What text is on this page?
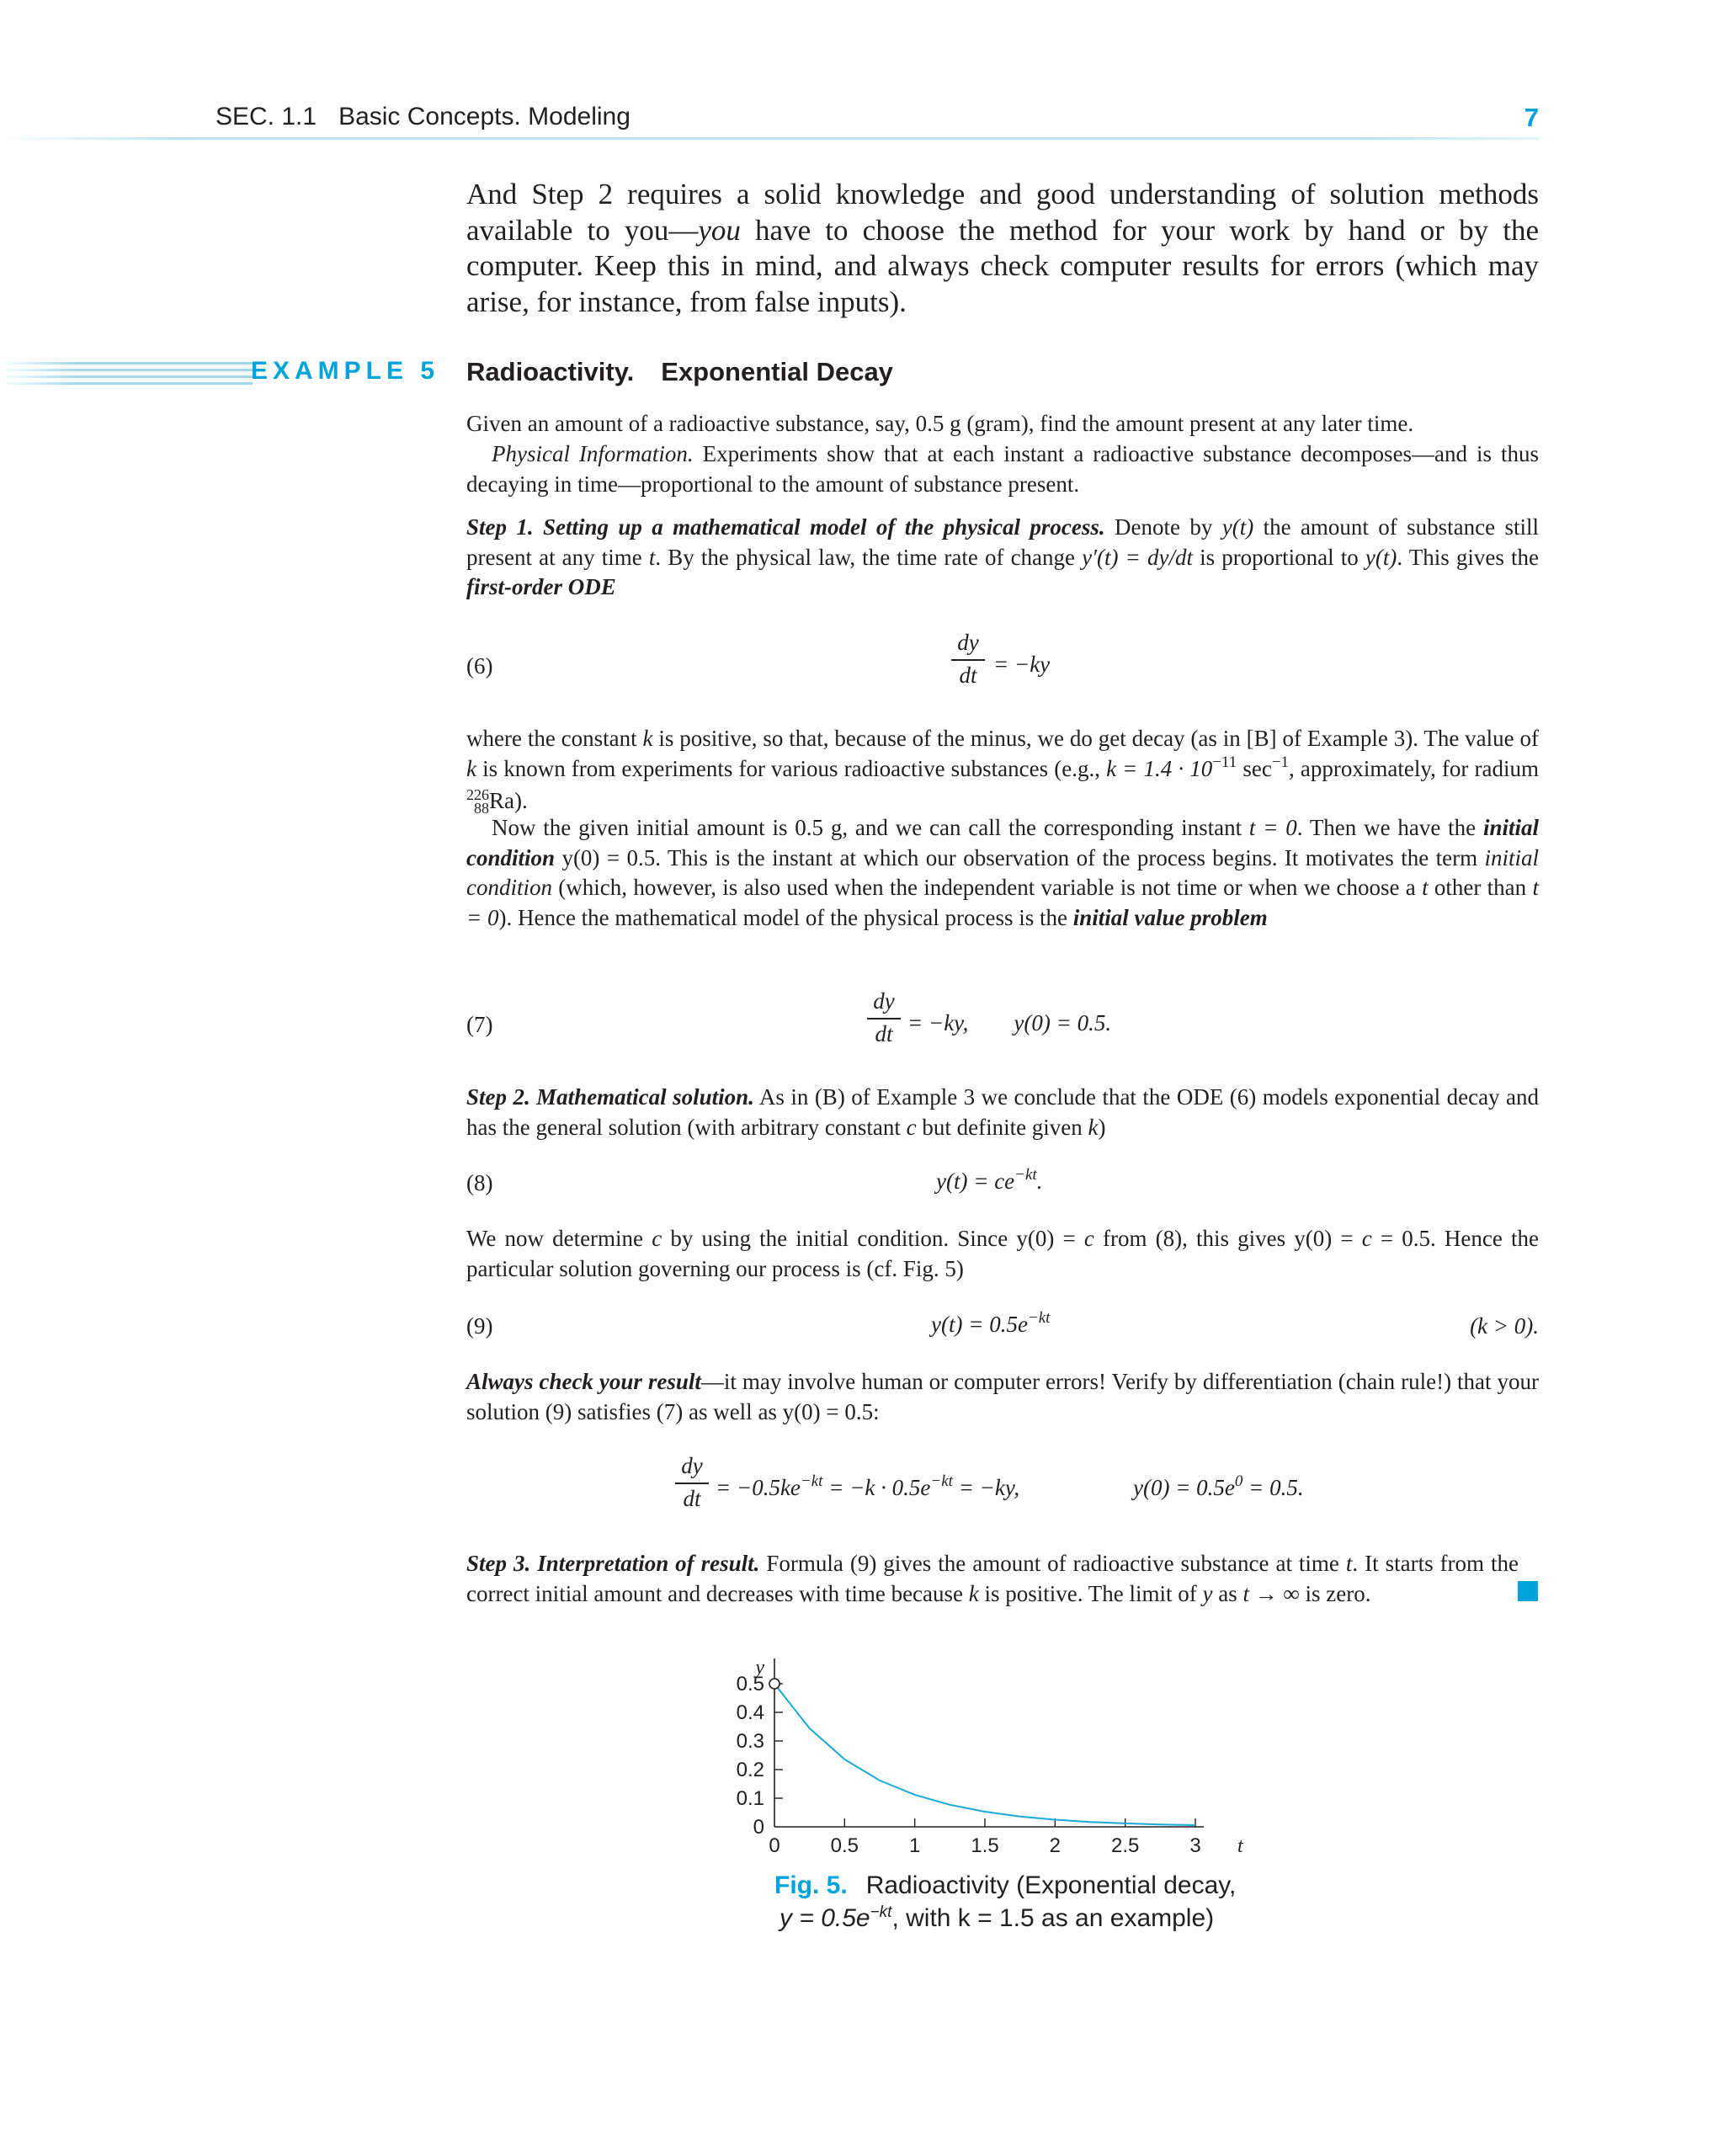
SEC. 1.1 Basic Concepts. Modeling	7
And Step 2 requires a solid knowledge and good understanding of solution methods available to you—you have to choose the method for your work by hand or by the computer. Keep this in mind, and always check computer results for errors (which may arise, for instance, from false inputs).
EXAMPLE 5 Radioactivity. Exponential Decay
Given an amount of a radioactive substance, say, 0.5 g (gram), find the amount present at any later time.
Physical Information. Experiments show that at each instant a radioactive substance decomposes—and is thus decaying in time—proportional to the amount of substance present.
Step 1. Setting up a mathematical model of the physical process. Denote by y(t) the amount of substance still present at any time t. By the physical law, the time rate of change y′(t) = dy/dt is proportional to y(t). This gives the first-order ODE
(6)
dy
dt = −ky
where the constant k is positive, so that, because of the minus, we do get decay (as in [B] of Example 3). The value of k is known from experiments for various radioactive substances (e.g., $k = 1.4 \cdot 10^{-11}$ $\sec^{-1}$, approximately, for radium
226
88 Ra).
Now the given initial amount is 0.5 g, and we can call the corresponding instant t = 0. Then we have the initial condition y(0) = 0.5. This is the instant at which our observation of the process begins. It motivates the term initial condition (which, however, is also used when the independent variable is not time or when we choose a t other than t = 0). Hence the mathematical model of the physical process is the initial value problem
(7)
dy
dt = −ky,        y(0) = 0.5.
Step 2. Mathematical solution. As in (B) of Example 3 we conclude that the ODE (6) models exponential decay and has the general solution (with arbitrary constant c but definite given k)
(8)	$y(t) = ce^{-kt}$.
We now determine c by using the initial condition. Since y(0) = c from (8), this gives y(0) = c = 0.5. Hence the particular solution governing our process is (cf. Fig. 5)
(9)	$y(t) = 0.5e^{-kt}$	(k > 0).
Always check your result—it may involve human or computer errors! Verify by differentiation (chain rule!) that your solution (9) satisfies (7) as well as y(0) = 0.5:
dy
dt = $-0.5ke^{-kt} = -k \cdot 0.5e^{-kt} = -ky$,	$y(0) = 0.5e^0 = 0.5$.
Step 3. Interpretation of result. Formula (9) gives the amount of radioactive substance at time t. It starts from the correct initial amount and decreases with time because k is positive. The limit of y as t → ∞ is zero.
y
t
0 0.5 1 1.5 2 2.5 3
0
0.1
0.2
0.3
0.4
0.5
Fig. 5. Radioactivity (Exponential decay,
$y = 0.5e^{-kt}$, with k = 1.5 as an example)
